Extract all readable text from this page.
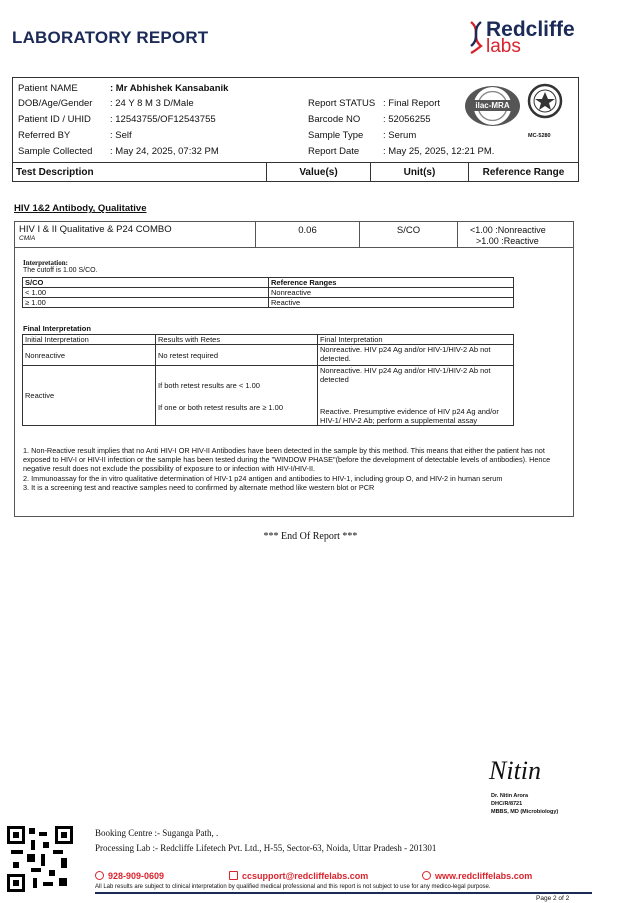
LABORATORY REPORT	Redcliffe
labs
Patient NAME	: Mr Abhishek Kansabanik
DOB/Age/Gender : 24 Y 8 M 3 D/Male
Patient ID / UHID : 12543755/OF12543755
Referred BY	: Self
Sample Collected : May 24, 2025, 07:32 PM
Report STATUS : Final Report
Barcode NO : 52056255
Sample Type : Serum
Report Date	: May 25, 2025, 12:21 PM.
ilac-MRA
MC-5280
Test Description	Value(s)	Unit(s)	Reference Range
HIV 1&2 Antibody, Qualitative
HIV I & II Qualitative & P24 COMBO
CMIA
0.06	S/CO	<1.00 :Nonreactive
>1.00 :Reactive
Interpretation:
The cutoff is 1.00 S/CO.
S/CO	Reference Ranges
< 1.00	Nonreactive
≥ 1.00	Reactive
Final Interpretation
Initial Interpretation	Results with Retes	Final Interpretation
Nonreactive	No retest required	Nonreactive. HIV p24 Ag and/or HIV-1/HIV-2 Ab not detected.
Reactive	If both retest results are < 1.00	Nonreactive. HIV p24 Ag and/or HIV-1/HIV-2 Ab not detected
	If one or both retest results are ≥ 1.00	Reactive. Presumptive evidence of HIV p24 Ag and/or HIV-1/ HIV-2 Ab; perform a supplemental assay
1. Non-Reactive result implies that no Anti HIV-I OR HIV-II Antibodies have been detected in the sample by this method. This means that either the patient has not exposed to HIV-I or HIV-II infection or the sample has been tested during the "WINDOW PHASE"(before the development of detectable levels of antibodies). Hence negative result does not exclude the possibility of exposure to or infection with HIV-I/HIV-II.
2. Immunoassay for the in vitro qualitative determination of HIV-1 p24 antigen and antibodies to HIV-1, including group O, and HIV-2 in human serum
3. It is a screening test and reactive samples need to confirmed by alternate method like western blot or PCR
*** End Of Report ***
Nitin
Dr. Nitin Arora
DHC/R/8721
MBBS, MD (Microbiology)
Booking Centre :- Suganga Path, .
Processing Lab :- Redcliffe Lifetech Pvt. Ltd., H-55, Sector-63, Noida, Uttar Pradesh - 201301
928-909-0609	ccsupport@redcliffelabs.com	www.redcliffelabs.com
All Lab results are subject to clinical interpretation by qualified medical professional and this report is not subject to use for any medico-legal purpose.
Page 2 of 2
